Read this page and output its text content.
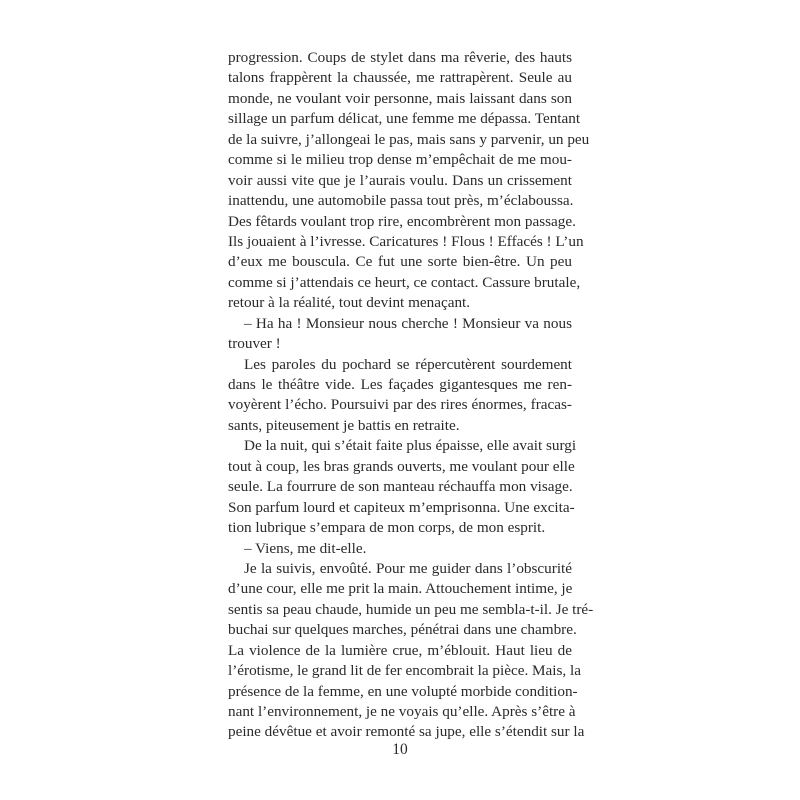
progression. Coups de stylet dans ma rêverie, des hauts
talons frappèrent la chaussée, me rattrapèrent. Seule au
monde, ne voulant voir personne, mais laissant dans son
sillage un parfum délicat, une femme me dépassa. Tentant
de la suivre, j’allongeai le pas, mais sans y parvenir, un peu
comme si le milieu trop dense m’empêchait de me mou-
voir aussi vite que je l’aurais voulu. Dans un crissement
inattendu, une automobile passa tout près, m’éclaboussa.
Des fêtards voulant trop rire, encombrèrent mon passage.
Ils jouaient à l’ivresse. Caricatures ! Flous ! Effacés ! L’un
d’eux me bouscula. Ce fut une sorte bien-être. Un peu
comme si j’attendais ce heurt, ce contact. Cassure brutale,
retour à la réalité, tout devint menaçant.
– Ha ha ! Monsieur nous cherche ! Monsieur va nous
trouver !
Les paroles du pochard se répercutèrent sourdement
dans le théâtre vide. Les façades gigantesques me ren-
voyèrent l’écho. Poursuivi par des rires énormes, fracas-
sants, piteusement je battis en retraite.
De la nuit, qui s’était faite plus épaisse, elle avait surgi
tout à coup, les bras grands ouverts, me voulant pour elle
seule. La fourrure de son manteau réchauffa mon visage.
Son parfum lourd et capiteux m’emprisonna. Une excita-
tion lubrique s’empara de mon corps, de mon esprit.
– Viens, me dit-elle.
Je la suivis, envoûté. Pour me guider dans l’obscurité
d’une cour, elle me prit la main. Attouchement intime, je
sentis sa peau chaude, humide un peu me sembla-t-il. Je tré-
buchai sur quelques marches, pénétrai dans une chambre.
La violence de la lumière crue, m’éblouit. Haut lieu de
l’érotisme, le grand lit de fer encombrait la pièce. Mais, la
présence de la femme, en une volupté morbide condition-
nant l’environnement, je ne voyais qu’elle. Après s’être à
peine dévêtue et avoir remonté sa jupe, elle s’étendit sur la
10
